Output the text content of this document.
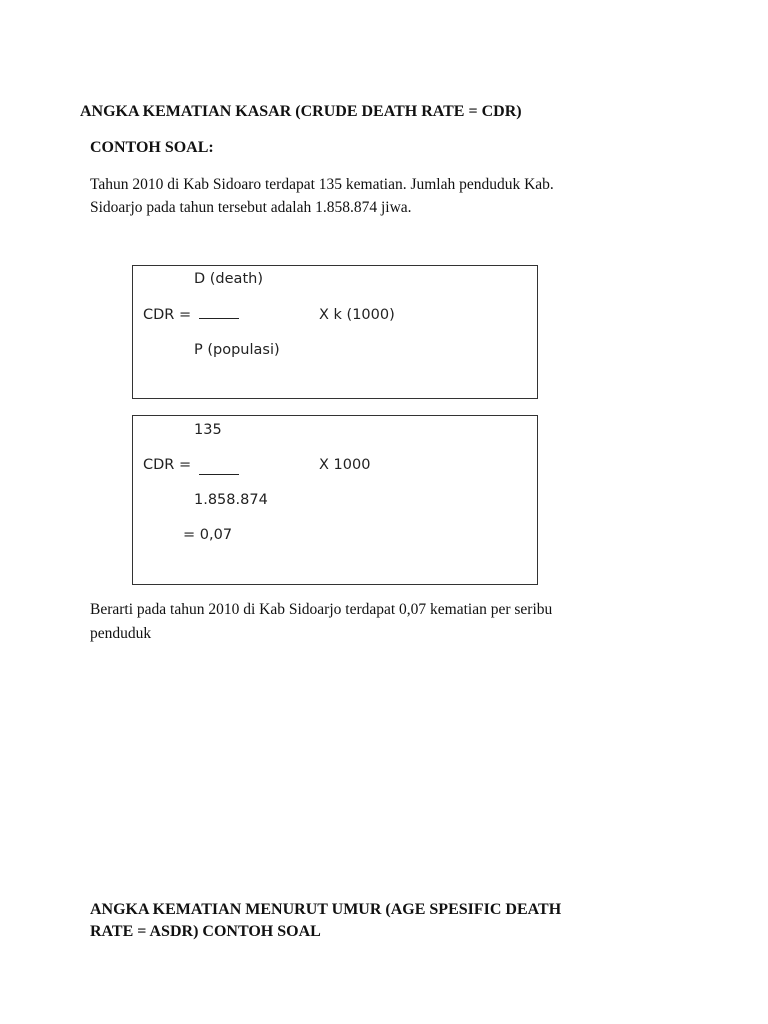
ANGKA KEMATIAN KASAR (CRUDE DEATH RATE = CDR)
CONTOH SOAL:
Tahun 2010 di Kab Sidoaro terdapat 135 kematian. Jumlah penduduk Kab.
Sidoarjo pada tahun tersebut adalah 1.858.874 jiwa.
D (death)
CDR =	X k (1000)
P (populasi)
135
CDR =	X 1000
1.858.874
= 0,07
Berarti pada tahun 2010 di Kab Sidoarjo terdapat 0,07 kematian per seribu
penduduk
ANGKA KEMATIAN MENURUT UMUR (AGE SPESIFIC DEATH
RATE = ASDR) CONTOH SOAL
